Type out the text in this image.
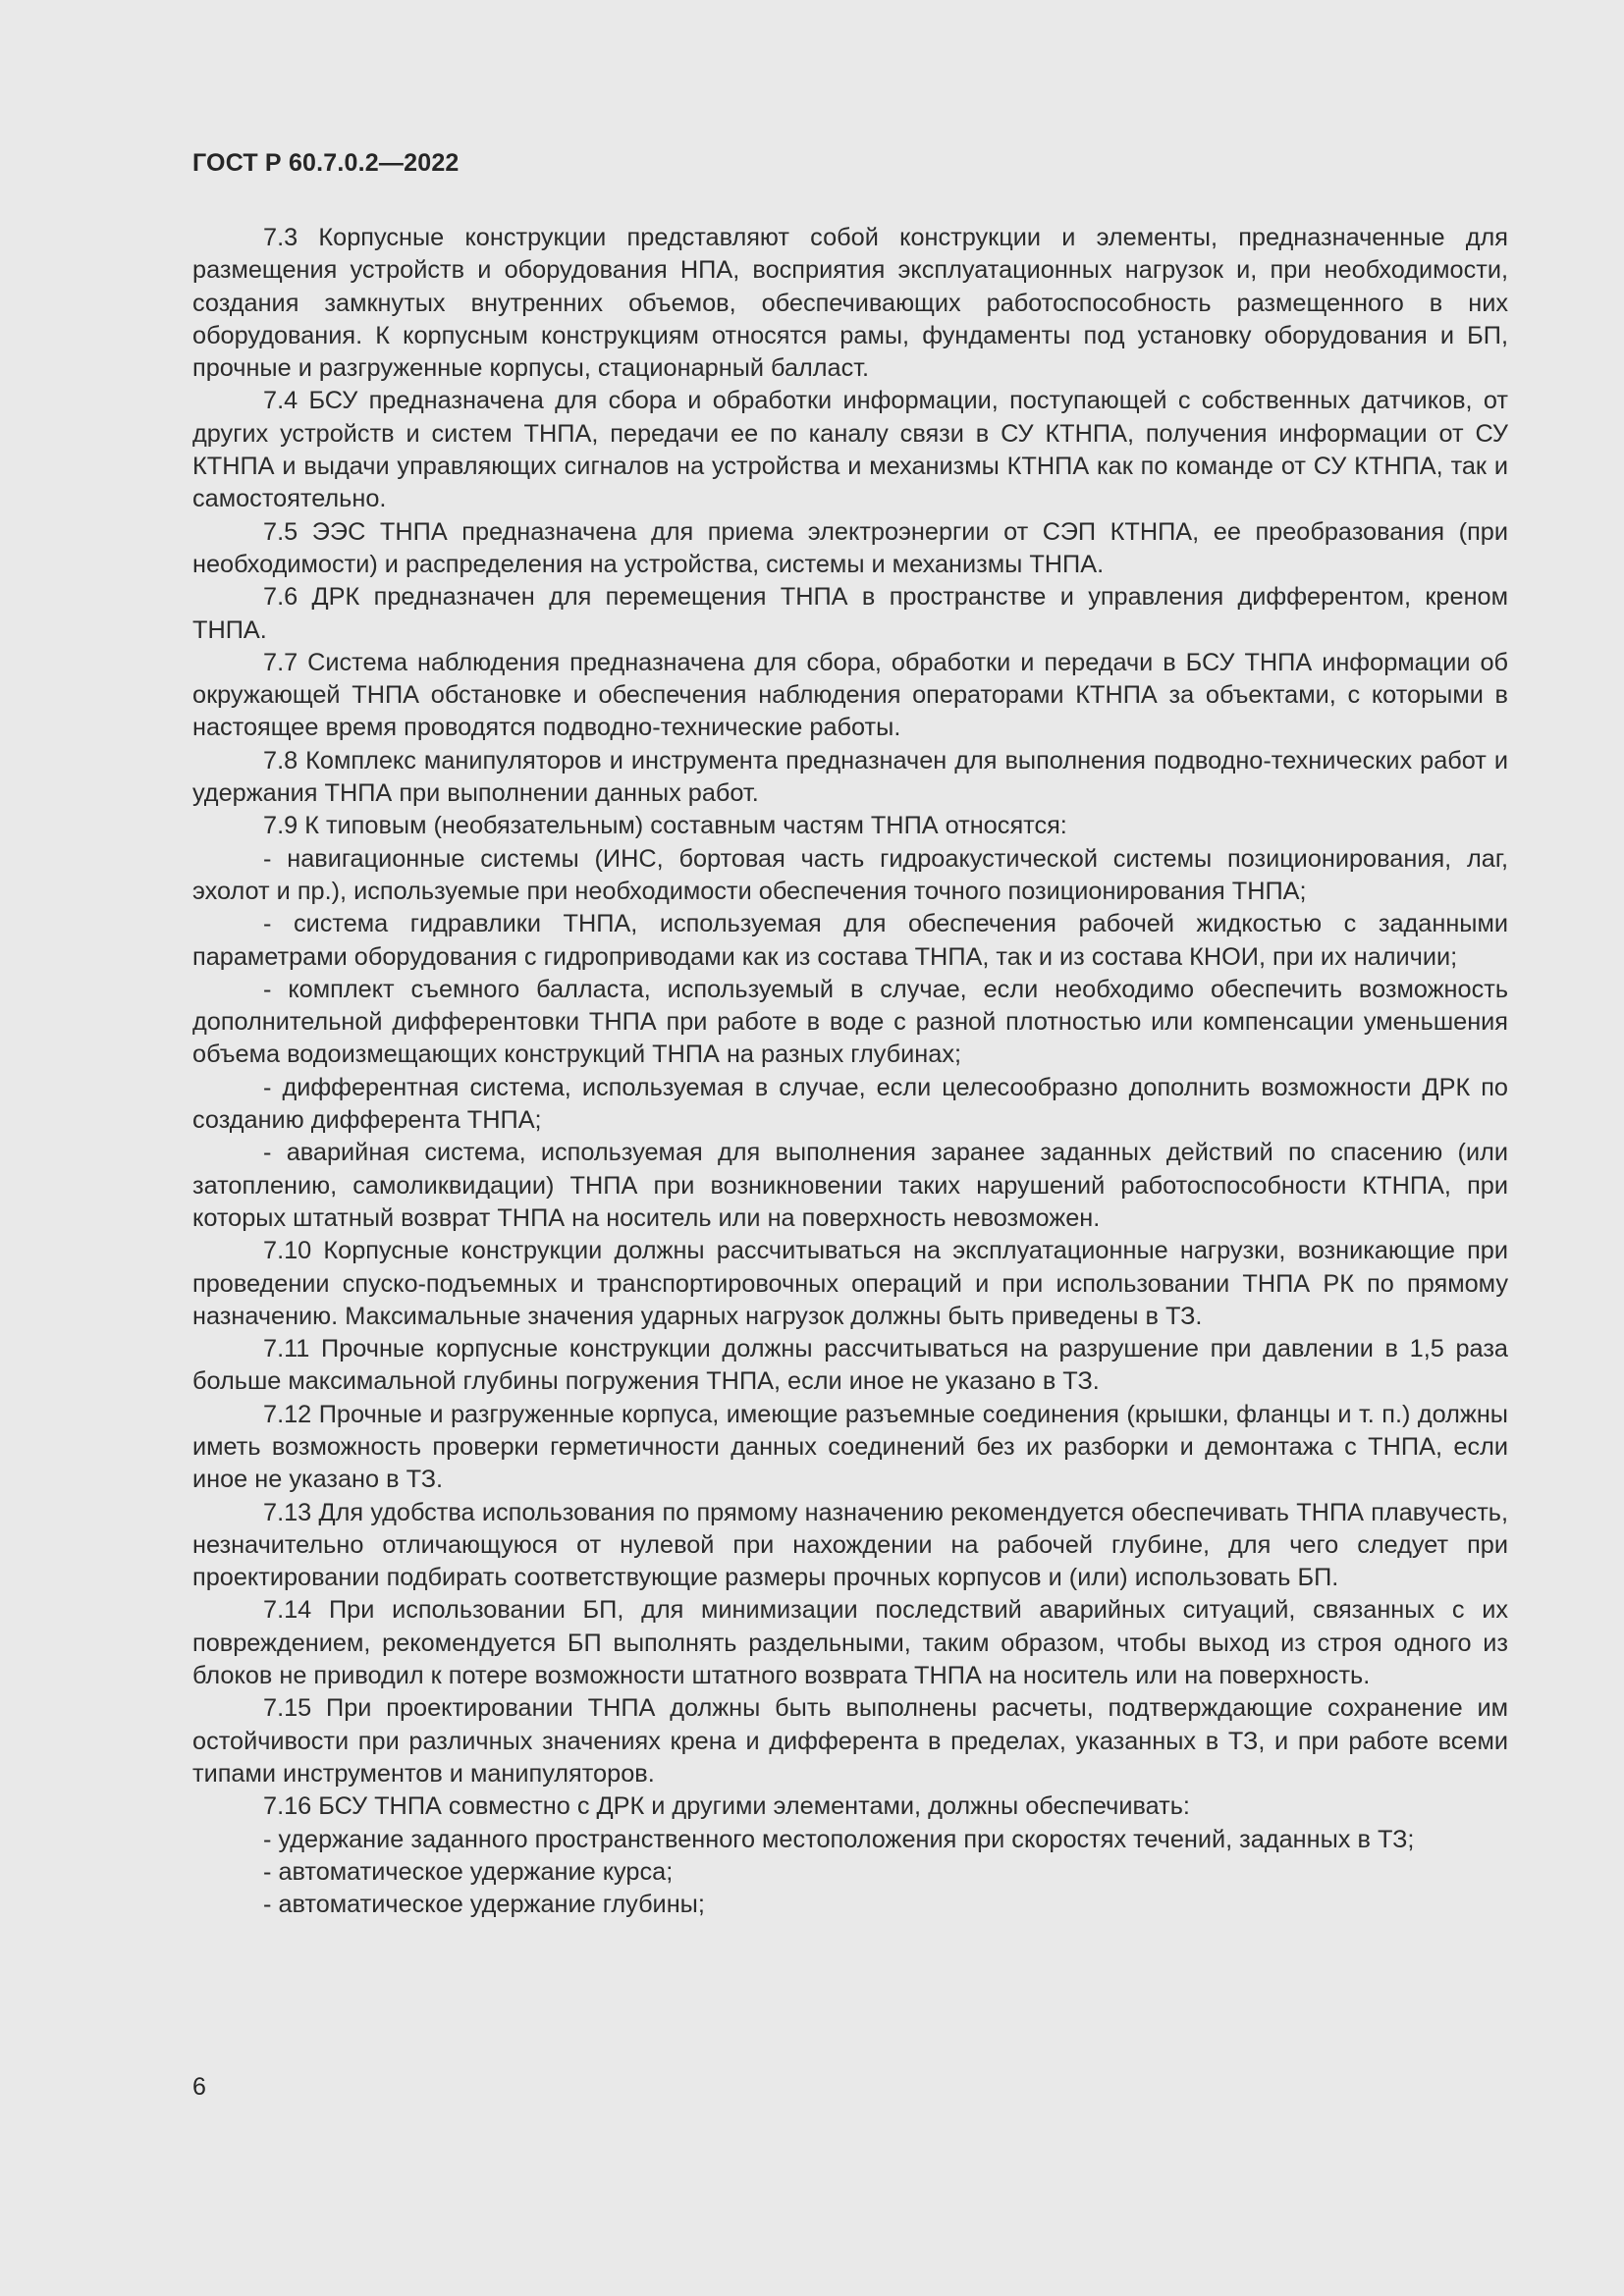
ГОСТ Р 60.7.0.2—2022

7.3 Корпусные конструкции представляют собой конструкции и элементы, предназначенные для размещения устройств и оборудования НПА, восприятия эксплуатационных нагрузок и, при необходимости, создания замкнутых внутренних объемов, обеспечивающих работоспособность размещенного в них оборудования. К корпусным конструкциям относятся рамы, фундаменты под установку оборудования и БП, прочные и разгруженные корпусы, стационарный балласт.

7.4 БСУ предназначена для сбора и обработки информации, поступающей с собственных датчиков, от других устройств и систем ТНПА, передачи ее по каналу связи в СУ КТНПА, получения информации от СУ КТНПА и выдачи управляющих сигналов на устройства и механизмы КТНПА как по команде от СУ КТНПА, так и самостоятельно.

7.5 ЭЭС ТНПА предназначена для приема электроэнергии от СЭП КТНПА, ее преобразования (при необходимости) и распределения на устройства, системы и механизмы ТНПА.

7.6 ДРК предназначен для перемещения ТНПА в пространстве и управления дифферентом, креном ТНПА.

7.7 Система наблюдения предназначена для сбора, обработки и передачи в БСУ ТНПА информации об окружающей ТНПА обстановке и обеспечения наблюдения операторами КТНПА за объектами, с которыми в настоящее время проводятся подводно-технические работы.

7.8 Комплекс манипуляторов и инструмента предназначен для выполнения подводно-технических работ и удержания ТНПА при выполнении данных работ.

7.9 К типовым (необязательным) составным частям ТНПА относятся:

- навигационные системы (ИНС, бортовая часть гидроакустической системы позиционирования, лаг, эхолот и пр.), используемые при необходимости обеспечения точного позиционирования ТНПА;

- система гидравлики ТНПА, используемая для обеспечения рабочей жидкостью с заданными параметрами оборудования с гидроприводами как из состава ТНПА, так и из состава КНОИ, при их наличии;

- комплект съемного балласта, используемый в случае, если необходимо обеспечить возможность дополнительной дифферентовки ТНПА при работе в воде с разной плотностью или компенсации уменьшения объема водоизмещающих конструкций ТНПА на разных глубинах;

- дифферентная система, используемая в случае, если целесообразно дополнить возможности ДРК по созданию дифферента ТНПА;

- аварийная система, используемая для выполнения заранее заданных действий по спасению (или затоплению, самоликвидации) ТНПА при возникновении таких нарушений работоспособности КТНПА, при которых штатный возврат ТНПА на носитель или на поверхность невозможен.

7.10 Корпусные конструкции должны рассчитываться на эксплуатационные нагрузки, возникающие при проведении спуско-подъемных и транспортировочных операций и при использовании ТНПА РК по прямому назначению. Максимальные значения ударных нагрузок должны быть приведены в ТЗ.

7.11 Прочные корпусные конструкции должны рассчитываться на разрушение при давлении в 1,5 раза больше максимальной глубины погружения ТНПА, если иное не указано в ТЗ.

7.12 Прочные и разгруженные корпуса, имеющие разъемные соединения (крышки, фланцы и т. п.) должны иметь возможность проверки герметичности данных соединений без их разборки и демонтажа с ТНПА, если иное не указано в ТЗ.

7.13 Для удобства использования по прямому назначению рекомендуется обеспечивать ТНПА плавучесть, незначительно отличающуюся от нулевой при нахождении на рабочей глубине, для чего следует при проектировании подбирать соответствующие размеры прочных корпусов и (или) использовать БП.

7.14 При использовании БП, для минимизации последствий аварийных ситуаций, связанных с их повреждением, рекомендуется БП выполнять раздельными, таким образом, чтобы выход из строя одного из блоков не приводил к потере возможности штатного возврата ТНПА на носитель или на поверхность.

7.15 При проектировании ТНПА должны быть выполнены расчеты, подтверждающие сохранение им остойчивости при различных значениях крена и дифферента в пределах, указанных в ТЗ, и при работе всеми типами инструментов и манипуляторов.

7.16 БСУ ТНПА совместно с ДРК и другими элементами, должны обеспечивать:

- удержание заданного пространственного местоположения при скоростях течений, заданных в ТЗ;

- автоматическое удержание курса;

- автоматическое удержание глубины;

6
